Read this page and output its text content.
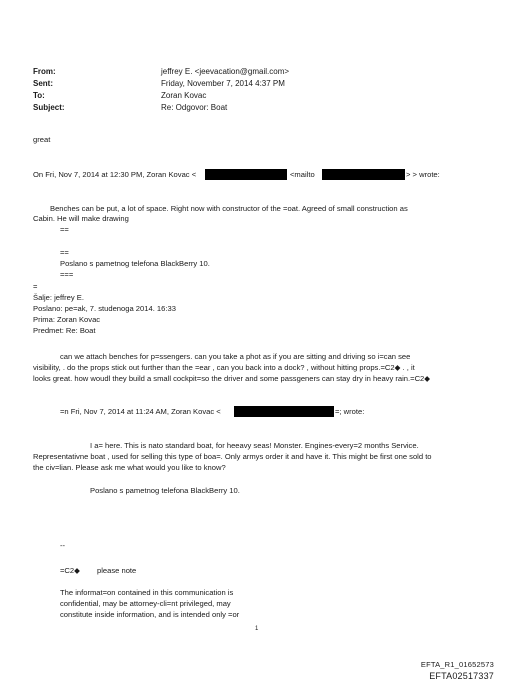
From:	jeffrey E. <jeevacation@gmail.com>
Sent:	Friday, November 7, 2014 4:37 PM
To:	Zoran Kovac
Subject:	Re: Odgovor: Boat
great
On Fri, Nov 7, 2014 at 12:30 PM, Zoran Kovac <	<mailto	> > wrote:
Benches can be put, a lot of space. Right now with constructor of the =oat. Agreed of small construction as
Cabin. He will make drawing
==
==
Poslano s pametnog telefona BlackBerry 10.
===
=
Šalje: jeffrey E.
Poslano: pe=ak, 7. studenoga 2014. 16:33
Prima: Zoran Kovac
Predmet: Re: Boat
can we attach benches for p=ssengers. can you take a phot as if you are sitting and driving so i=can see
visibility, . do the props stick out further than the =ear , can you back into a dock? , without hitting props.=C2◆ . , it
looks great. how woudl they build a small cockpit=so the driver and some passgeners can stay dry in heavy rain.=C2◆
=n Fri, Nov 7, 2014 at 11:24 AM, Zoran Kovac <	=; wrote:
I a= here. This is nato standard boat, for heeavy seas! Monster. Engines-every=2 months Service.
Representativne boat , used for selling this type of boa=. Only armys order it and have it. This might be first one sold to
the civ=lian. Please ask me what would you like to know?
Poslano s pametnog telefona BlackBerry 10.
--
=C2◆ please note
The informat=on contained in this communication is
confidential, may be attorney-cli=nt privileged, may
constitute inside information, and is intended only =or
1
EFTA_R1_01652573
EFTA02517337
